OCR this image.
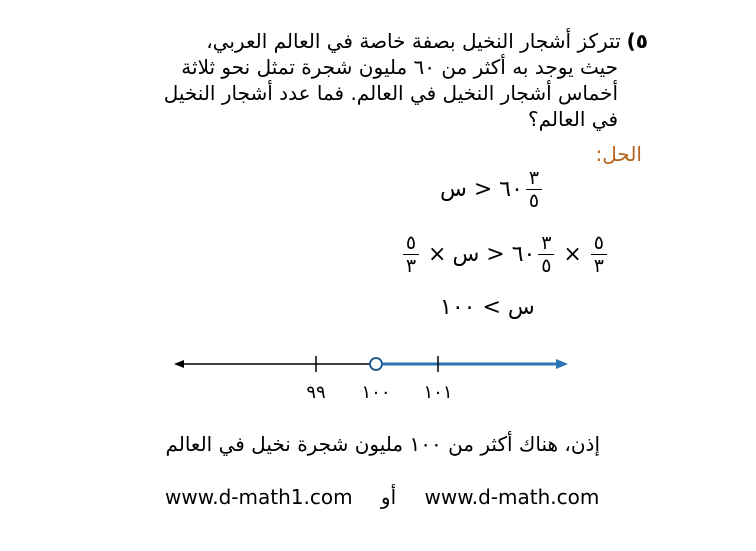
٥)تتركز أشجار النخيل بصفة خاصة في العالم العربي،
حيث يوجد به أكثر من ٦٠ مليون شجرة تمثل نحو ثلاثة
أخماس أشجار النخيل في العالم. فما عدد أشجار النخيل
في العالم؟
الحل:
٦٠ < س $\frac{٣}{٥}$
$\frac{٥}{٣}$ × ٦٠ < س $\frac{٣}{٥} \times \frac{٥}{٣}$
س > ١٠٠
٩٩ ١٠٠ ١٠١
إذن، هناك أكثر من ١٠٠ مليون شجرة نخيل في العالم
www.d-math1.com أو www.d-math.com
